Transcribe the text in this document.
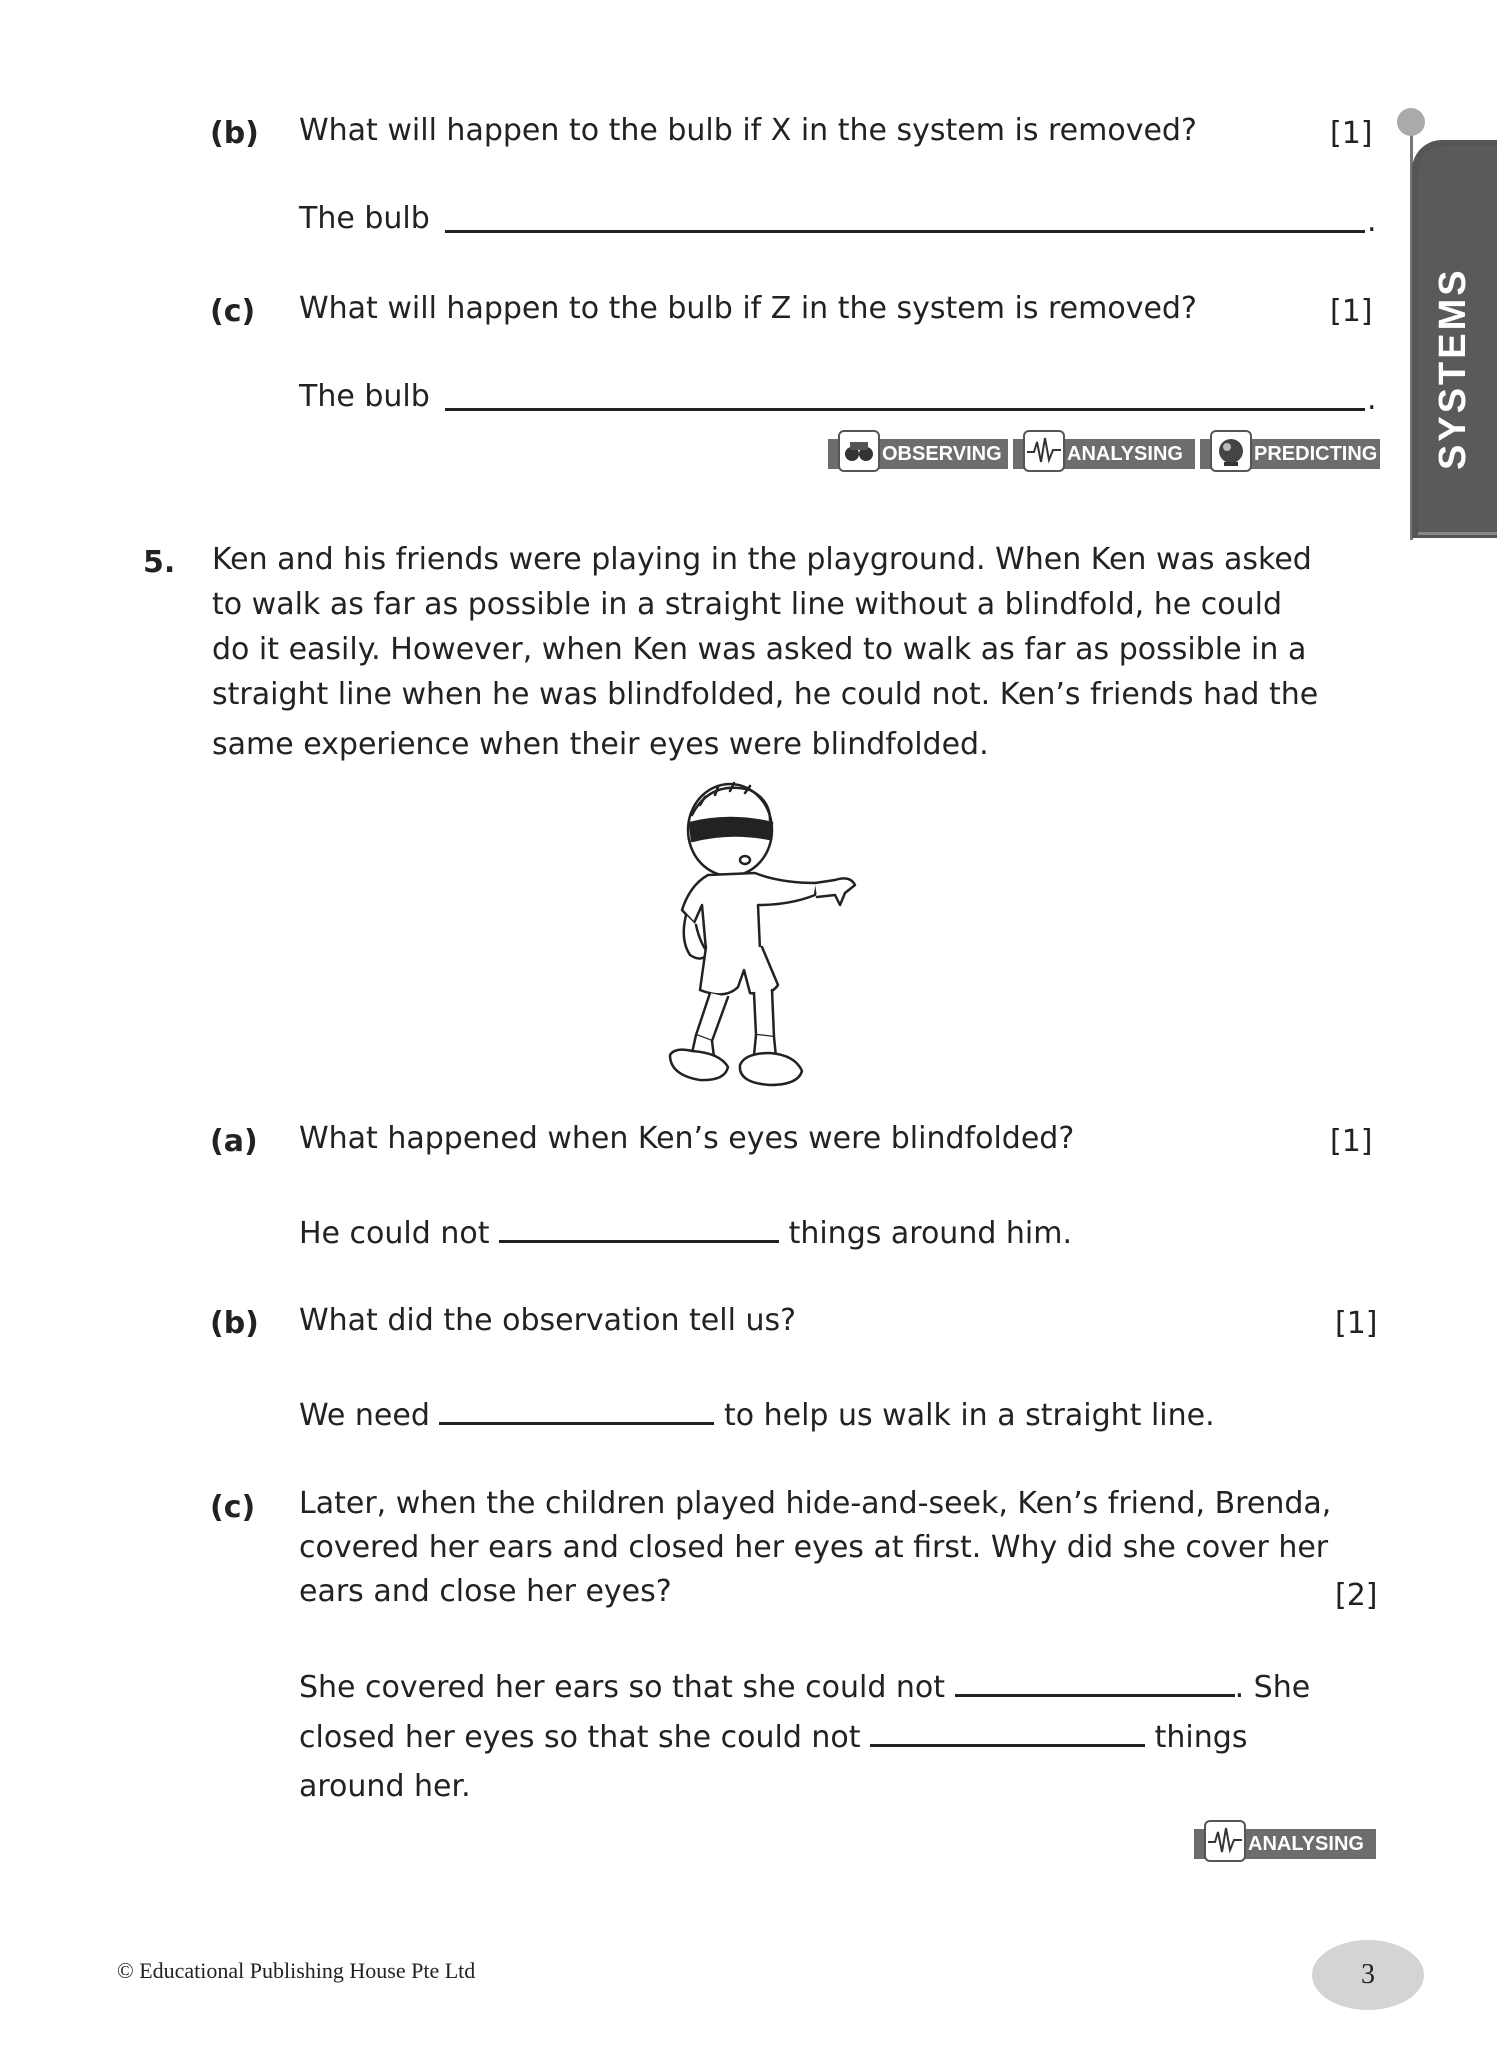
SYSTEMS
(b) What will happen to the bulb if X in the system is removed?	[1]
The bulb	.
(c) What will happen to the bulb if Z in the system is removed?	[1]
The bulb	.
OBSERVING	ANALYSING	PREDICTING
5. Ken and his friends were playing in the playground. When Ken was asked
to walk as far as possible in a straight line without a blindfold, he could
do it easily. However, when Ken was asked to walk as far as possible in a
straight line when he was blindfolded, he could not. Ken’s friends had the
same experience when their eyes were blindfolded.
(a) What happened when Ken’s eyes were blindfolded?	[1]
He could not	things around him.
(b) What did the observation tell us?	[1]
We need	to help us walk in a straight line.
(c) Later, when the children played hide-and-seek, Ken’s friend, Brenda,
covered her ears and closed her eyes at first. Why did she cover her
ears and close her eyes?	[2]
She covered her ears so that she could not	. She
closed her eyes so that she could not	things
around her.
ANALYSING
© Educational Publishing House Pte Ltd	3
